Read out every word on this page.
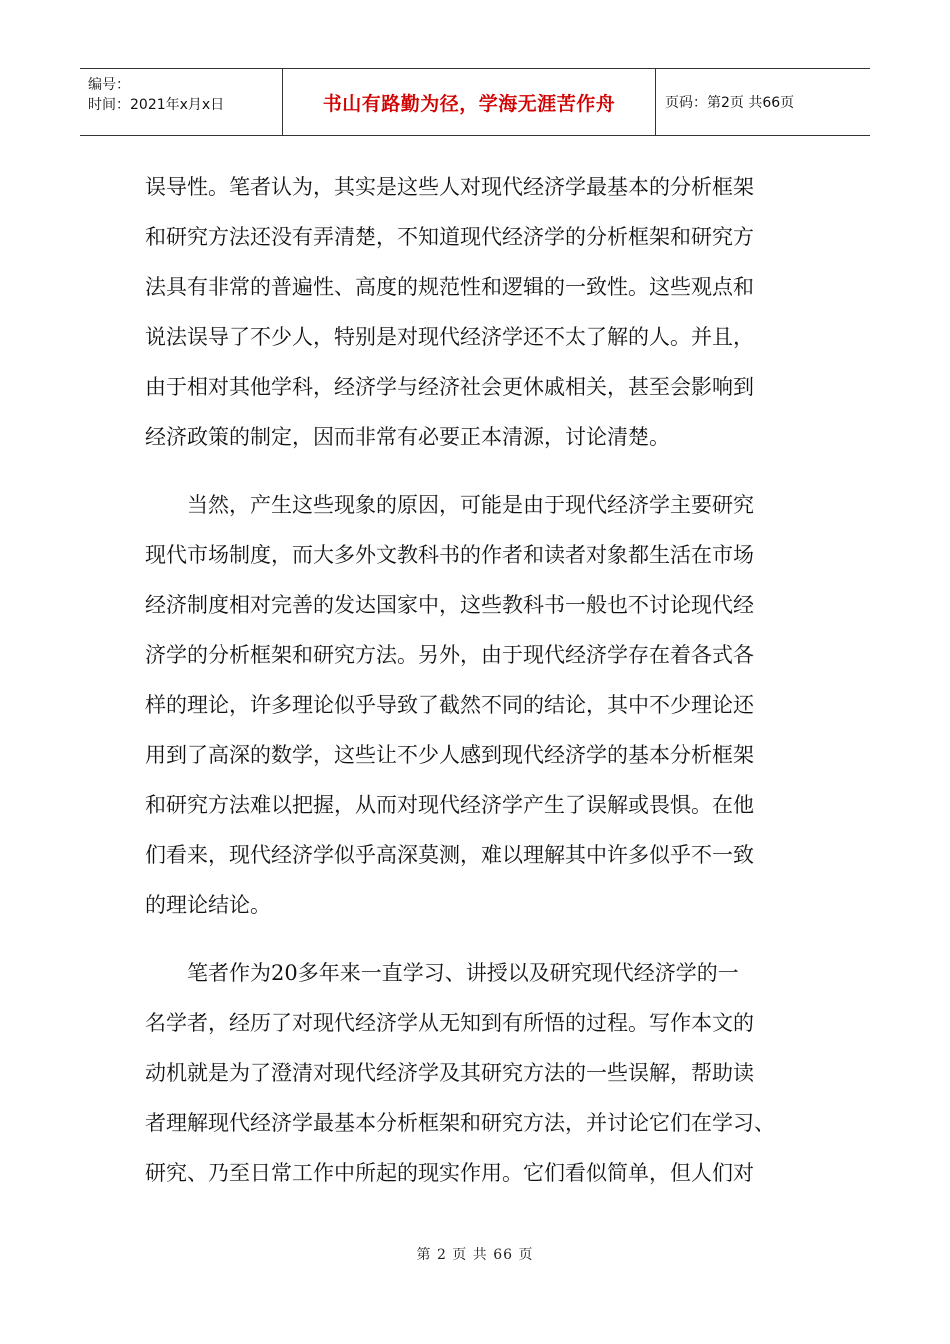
编号：
时间：2021年x月x日	书山有路勤为径，学海无涯苦作舟	页码：第2页 共66页

误导性。笔者认为，其实是这些人对现代经济学最基本的分析框架
和研究方法还没有弄清楚，不知道现代经济学的分析框架和研究方
法具有非常的普遍性、高度的规范性和逻辑的一致性。这些观点和
说法误导了不少人，特别是对现代经济学还不太了解的人。并且，
由于相对其他学科，经济学与经济社会更休戚相关，甚至会影响到
经济政策的制定，因而非常有必要正本清源，讨论清楚。

　　当然，产生这些现象的原因，可能是由于现代经济学主要研究
现代市场制度，而大多外文教科书的作者和读者对象都生活在市场
经济制度相对完善的发达国家中，这些教科书一般也不讨论现代经
济学的分析框架和研究方法。另外，由于现代经济学存在着各式各
样的理论，许多理论似乎导致了截然不同的结论，其中不少理论还
用到了高深的数学，这些让不少人感到现代经济学的基本分析框架
和研究方法难以把握，从而对现代经济学产生了误解或畏惧。在他
们看来，现代经济学似乎高深莫测，难以理解其中许多似乎不一致
的理论结论。

　　笔者作为20多年来一直学习、讲授以及研究现代经济学的一
名学者，经历了对现代经济学从无知到有所悟的过程。写作本文的
动机就是为了澄清对现代经济学及其研究方法的一些误解，帮助读
者理解现代经济学最基本分析框架和研究方法，并讨论它们在学习、
研究、乃至日常工作中所起的现实作用。它们看似简单，但人们对

第 2 页 共 66 页
